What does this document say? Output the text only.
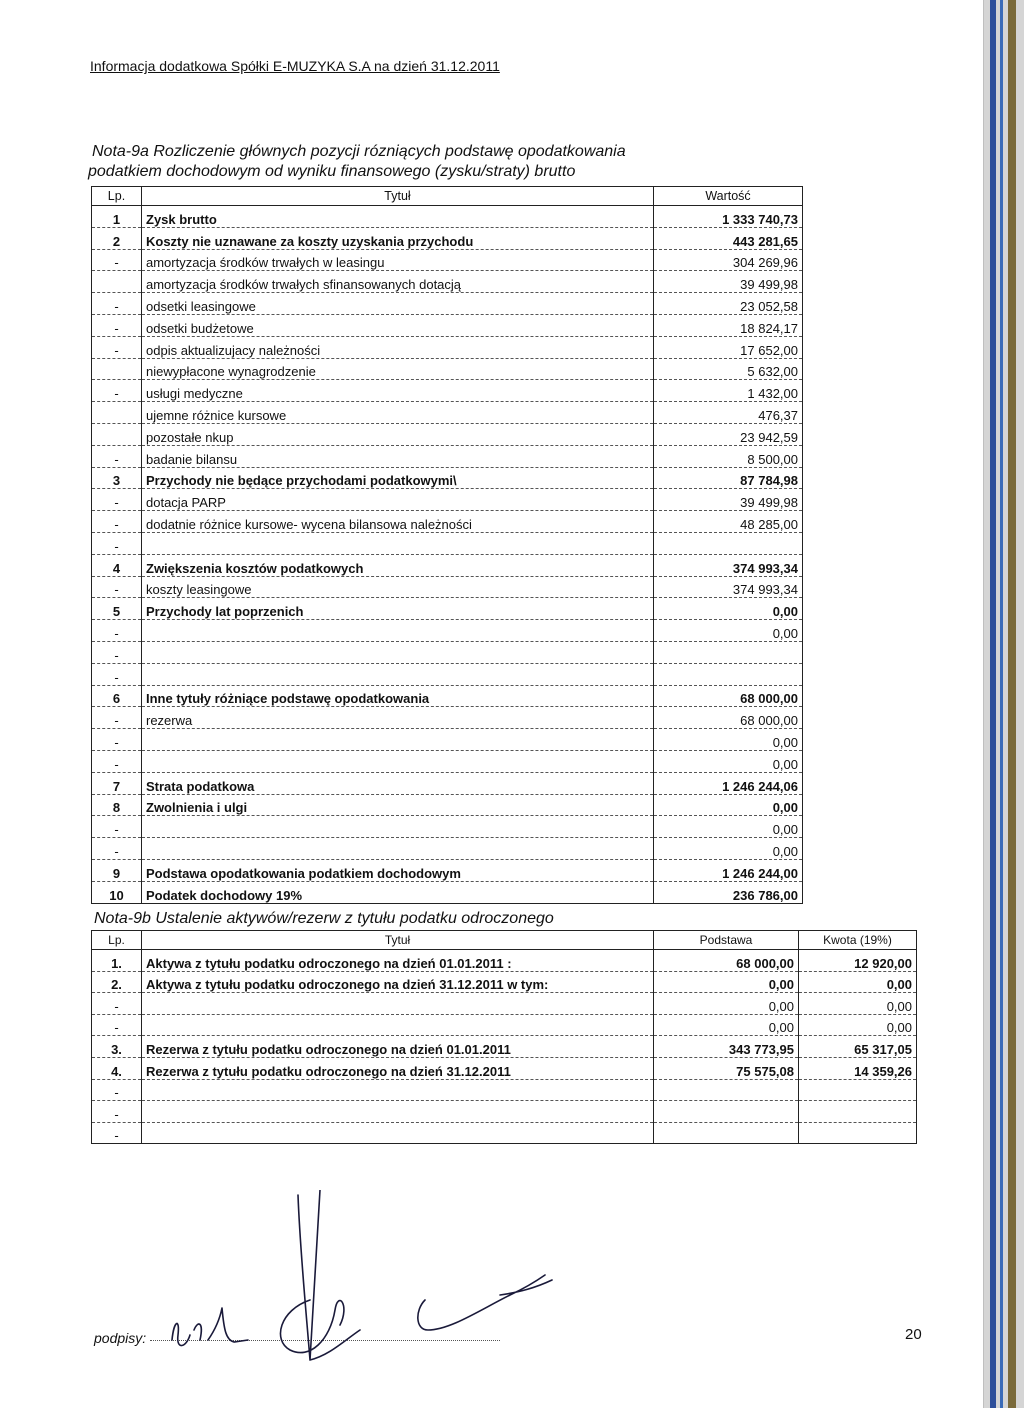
Informacja dodatkowa Spółki E-MUZYKA S.A na dzień 31.12.2011
Nota-9a Rozliczenie głównych pozycji rózniących podstawę opodatkowania
podatkiem dochodowym od wyniku finansowego (zysku/straty) brutto
Lp.	Tytuł	Wartość
1	Zysk brutto	1 333 740,73
2	Koszty nie uznawane za koszty uzyskania przychodu	443 281,65
-	amortyzacja środków trwałych w leasingu	304 269,96
	amortyzacja środków trwałych sfinansowanych dotacją	39 499,98
-	odsetki leasingowe	23 052,58
-	odsetki budżetowe	18 824,17
-	odpis aktualizujacy należności	17 652,00
	niewypłacone wynagrodzenie	5 632,00
-	usługi medyczne	1 432,00
	ujemne różnice kursowe	476,37
	pozostałe nkup	23 942,59
-	badanie bilansu	8 500,00
3	Przychody nie będące przychodami podatkowymi\	87 784,98
-	dotacja PARP	39 499,98
-	dodatnie różnice kursowe- wycena bilansowa należności	48 285,00
-		
4	Zwiększenia kosztów podatkowych	374 993,34
-	koszty leasingowe	374 993,34
5	Przychody lat poprzenich	0,00
-		0,00
-		
-		
6	Inne tytuły różniące podstawę opodatkowania	68 000,00
-	rezerwa	68 000,00
-		0,00
-		0,00
7	Strata podatkowa	1 246 244,06
8	Zwolnienia i ulgi	0,00
-		0,00
-		0,00
9	Podstawa opodatkowania podatkiem dochodowym	1 246 244,00
10	Podatek dochodowy 19%	236 786,00
Nota-9b Ustalenie aktywów/rezerw z tytułu podatku odroczonego
Lp.	Tytuł	Podstawa	Kwota (19%)
1.	Aktywa z tytułu podatku odroczonego na dzień 01.01.2011 :	68 000,00	12 920,00
2.	Aktywa z tytułu podatku odroczonego na dzień 31.12.2011 w tym:	0,00	0,00
-		0,00	0,00
-		0,00	0,00
3.	Rezerwa z tytułu podatku odroczonego na dzień 01.01.2011	343 773,95	65 317,05
4.	Rezerwa z tytułu podatku odroczonego na dzień 31.12.2011	75 575,08	14 359,26
-			
-			
-			
podpisy:	20
